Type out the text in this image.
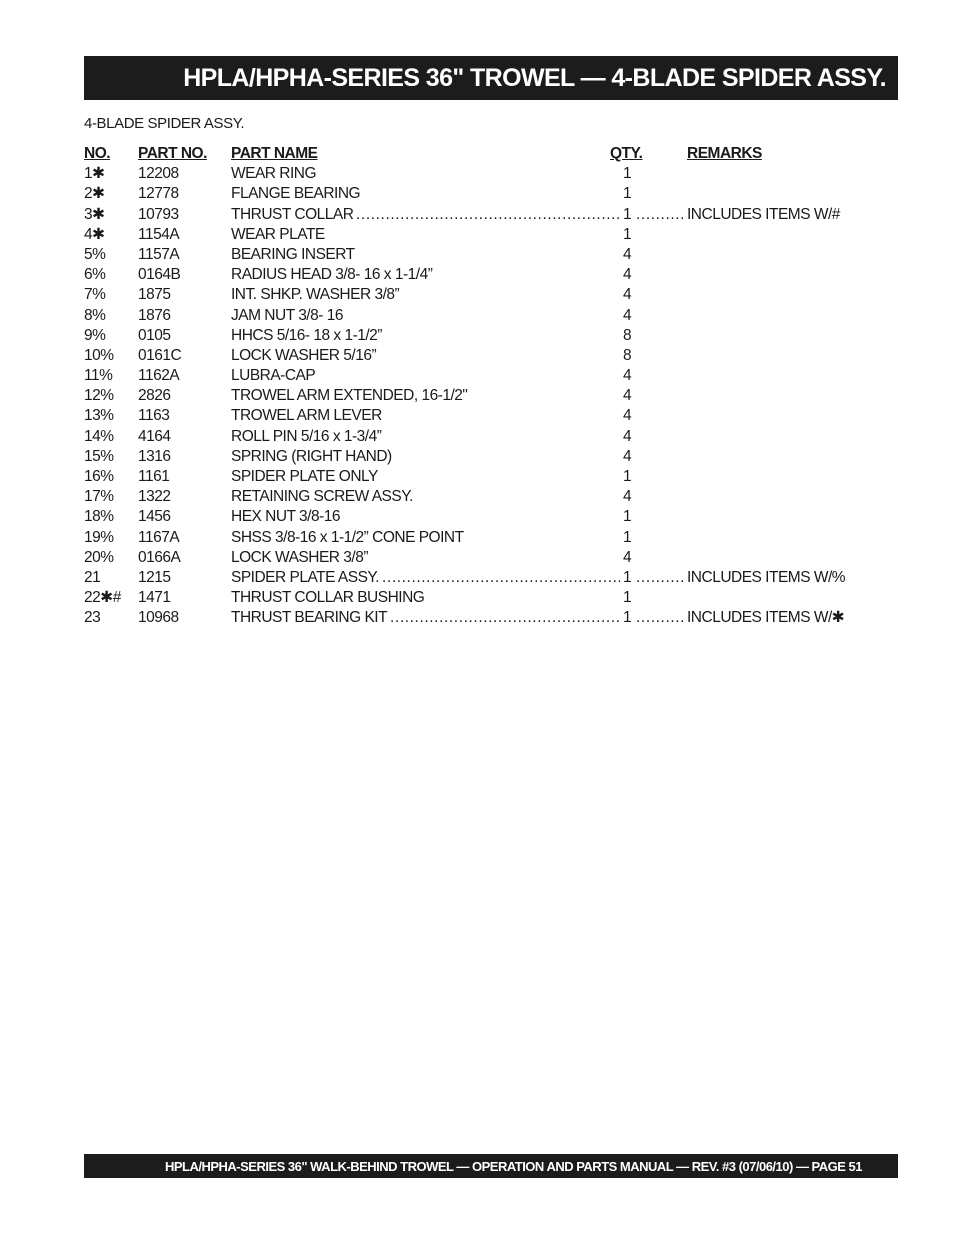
HPLA/HPHA-SERIES 36" TROWEL — 4-BLADE SPIDER ASSY.
4-BLADE SPIDER ASSY.
NO. PART NO. PART NAME	QTY.	REMARKS
1✱ 12208	WEAR RING	1
2✱ 12778	FLANGE BEARING	1
3✱ 10793	THRUST COLLAR	1	INCLUDES ITEMS W/#
.....
.....
4✱ 1154A	WEAR PLATE	1
5% 1157A	BEARING INSERT	4
6% 0164B	RADIUS HEAD 3/8- 16 x 1-1/4”	4
7% 1875	INT. SHKP. WASHER 3/8”	4
8% 1876	JAM NUT 3/8- 16	4
9% 0105	HHCS 5/16- 18 x 1-1/2”	8
10% 0161C	LOCK WASHER 5/16”	8
11% 1162A	LUBRA-CAP	4
12% 2826	TROWEL ARM EXTENDED, 16-1/2"	4
13% 1163	TROWEL ARM LEVER	4
14% 4164	ROLL PIN 5/16 x 1-3/4”	4
15% 1316	SPRING (RIGHT HAND)	4
16% 1161	SPIDER PLATE ONLY	1
17% 1322	RETAINING SCREW ASSY.	4
18% 1456	HEX NUT 3/8-16	1
19% 1167A	SHSS 3/8-16 x 1-1/2” CONE POINT	1
20% 0166A	LOCK WASHER 3/8”	4
21 1215	SPIDER PLATE ASSY.	1	INCLUDES ITEMS W/%
.....
.....
22✱# 1471	THRUST COLLAR BUSHING	1
23 10968	THRUST BEARING KIT	1	INCLUDES ITEMS W/✱
.....
.....
HPLA/HPHA-SERIES 36" WALK-BEHIND TROWEL — OPERATION AND PARTS MANUAL — REV. #3 (07/06/10) — PAGE 51
